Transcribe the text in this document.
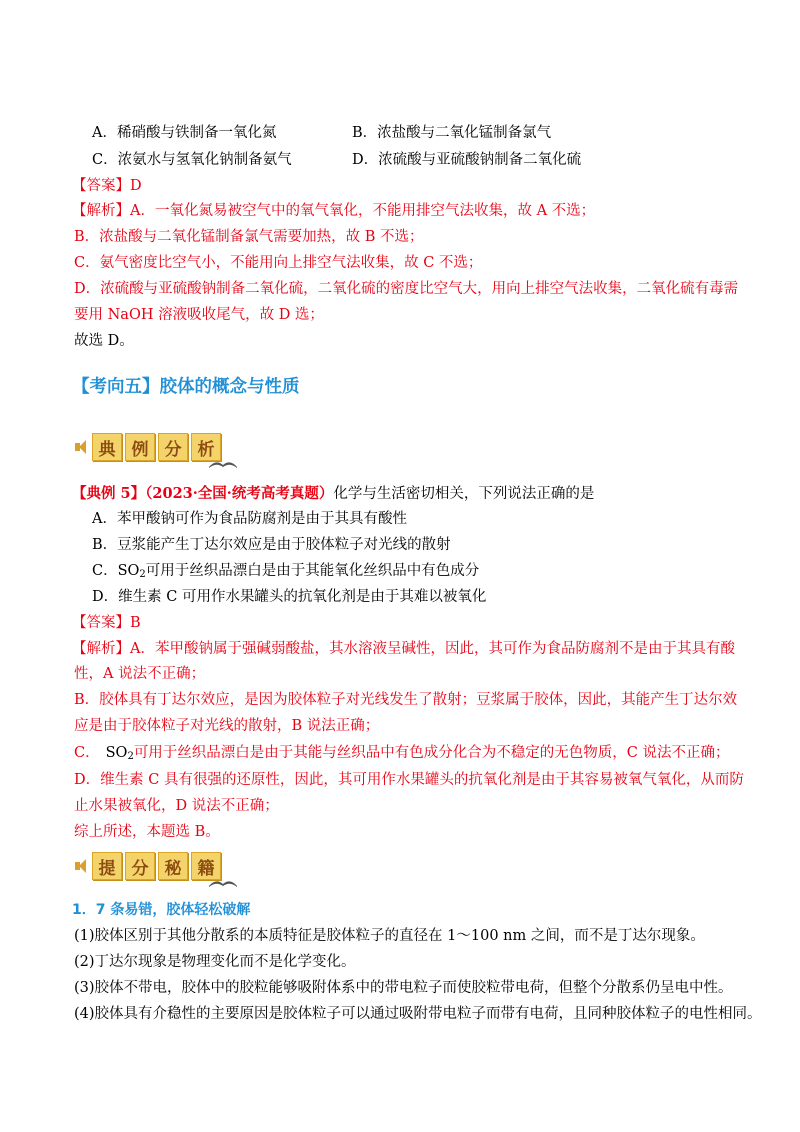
A．稀硝酸与铁制备一氧化氮	B．浓盐酸与二氧化锰制备氯气
C．浓氨水与氢氧化钠制备氨气	D．浓硫酸与亚硫酸钠制备二氧化硫
【答案】D
【解析】A．一氧化氮易被空气中的氧气氧化，不能用排空气法收集，故 A 不选；
B．浓盐酸与二氧化锰制备氯气需要加热，故 B 不选；
C．氨气密度比空气小，不能用向上排空气法收集，故 C 不选；
D．浓硫酸与亚硫酸钠制备二氧化硫，二氧化硫的密度比空气大，用向上排空气法收集，二氧化硫有毒需
要用 NaOH 溶液吸收尾气，故 D 选；
故选 D。
【考向五】胶体的概念与性质
典 例 分 析
【典例 5】（2023·全国·统考高考真题）化学与生活密切相关，下列说法正确的是
A．苯甲酸钠可作为食品防腐剂是由于其具有酸性
B．豆浆能产生丁达尔效应是由于胶体粒子对光线的散射
C．$SO_2$可用于丝织品漂白是由于其能氧化丝织品中有色成分
D．维生素 C 可用作水果罐头的抗氧化剂是由于其难以被氧化
【答案】B
【解析】A．苯甲酸钠属于强碱弱酸盐，其水溶液呈碱性，因此，其可作为食品防腐剂不是由于其具有酸
性，A 说法不正确；
B．胶体具有丁达尔效应，是因为胶体粒子对光线发生了散射；豆浆属于胶体，因此，其能产生丁达尔效
应是由于胶体粒子对光线的散射，B 说法正确；
C． $SO_2$可用于丝织品漂白是由于其能与丝织品中有色成分化合为不稳定的无色物质，C 说法不正确；
D．维生素 C 具有很强的还原性，因此，其可用作水果罐头的抗氧化剂是由于其容易被氧气氧化，从而防
止水果被氧化，D 说法不正确；
综上所述，本题选 B。
提 分 秘 籍
1．7 条易错，胶体轻松破解
(1)胶体区别于其他分散系的本质特征是胶体粒子的直径在 1～100 nm 之间，而不是丁达尔现象。
(2)丁达尔现象是物理变化而不是化学变化。
(3)胶体不带电，胶体中的胶粒能够吸附体系中的带电粒子而使胶粒带电荷，但整个分散系仍呈电中性。
(4)胶体具有介稳性的主要原因是胶体粒子可以通过吸附带电粒子而带有电荷，且同种胶体粒子的电性相同。
